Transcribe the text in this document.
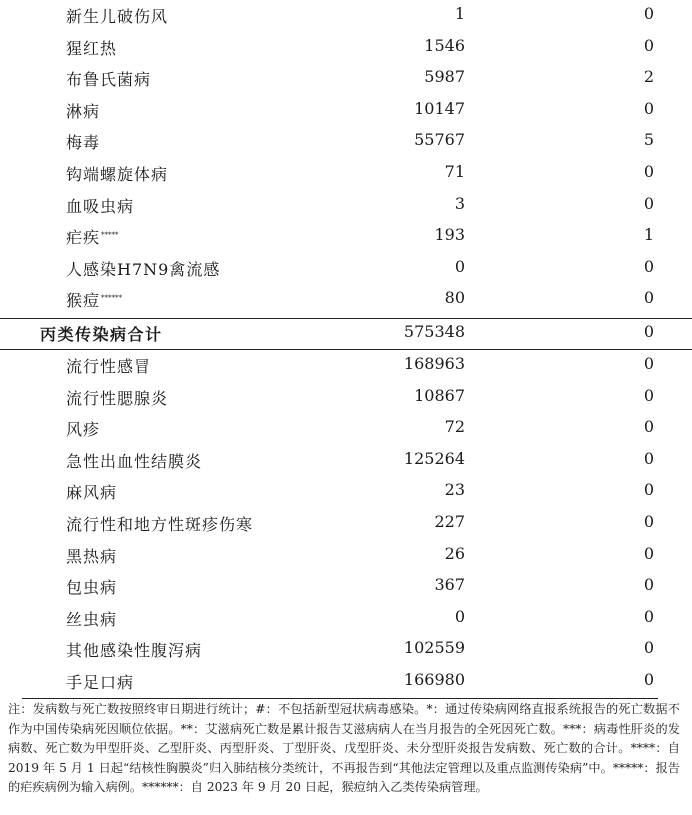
新生儿破伤风	1	0
猩红热	1546	0
布鲁氏菌病	5987	2
淋病	10147	0
梅毒	55767	5
钩端螺旋体病	71	0
血吸虫病	3	0
疟疾*****	193	1
人感染H7N9禽流感	0	0
猴痘******	80	0
丙类传染病合计	575348	0
流行性感冒	168963	0
流行性腮腺炎	10867	0
风疹	72	0
急性出血性结膜炎	125264	0
麻风病	23	0
流行性和地方性斑疹伤寒	227	0
黑热病	26	0
包虫病	367	0
丝虫病	0	0
其他感染性腹泻病	102559	0
手足口病	166980	0
注：发病数与死亡数按照终审日期进行统计；#：不包括新型冠状病毒感染。*：通过传染病网络直报系统报告的死亡数据不作为中国传染病死因顺位依据。**：艾滋病死亡数是累计报告艾滋病病人在当月报告的全死因死亡数。***：病毒性肝炎的发病数、死亡数为甲型肝炎、乙型肝炎、丙型肝炎、丁型肝炎、戊型肝炎、未分型肝炎报告发病数、死亡数的合计。****：自 2019 年 5 月 1 日起“结核性胸膜炎”归入肺结核分类统计，不再报告到“其他法定管理以及重点监测传染病”中。*****：报告的疟疾病例为输入病例。******：自 2023 年 9 月 20 日起，猴痘纳入乙类传染病管理。
